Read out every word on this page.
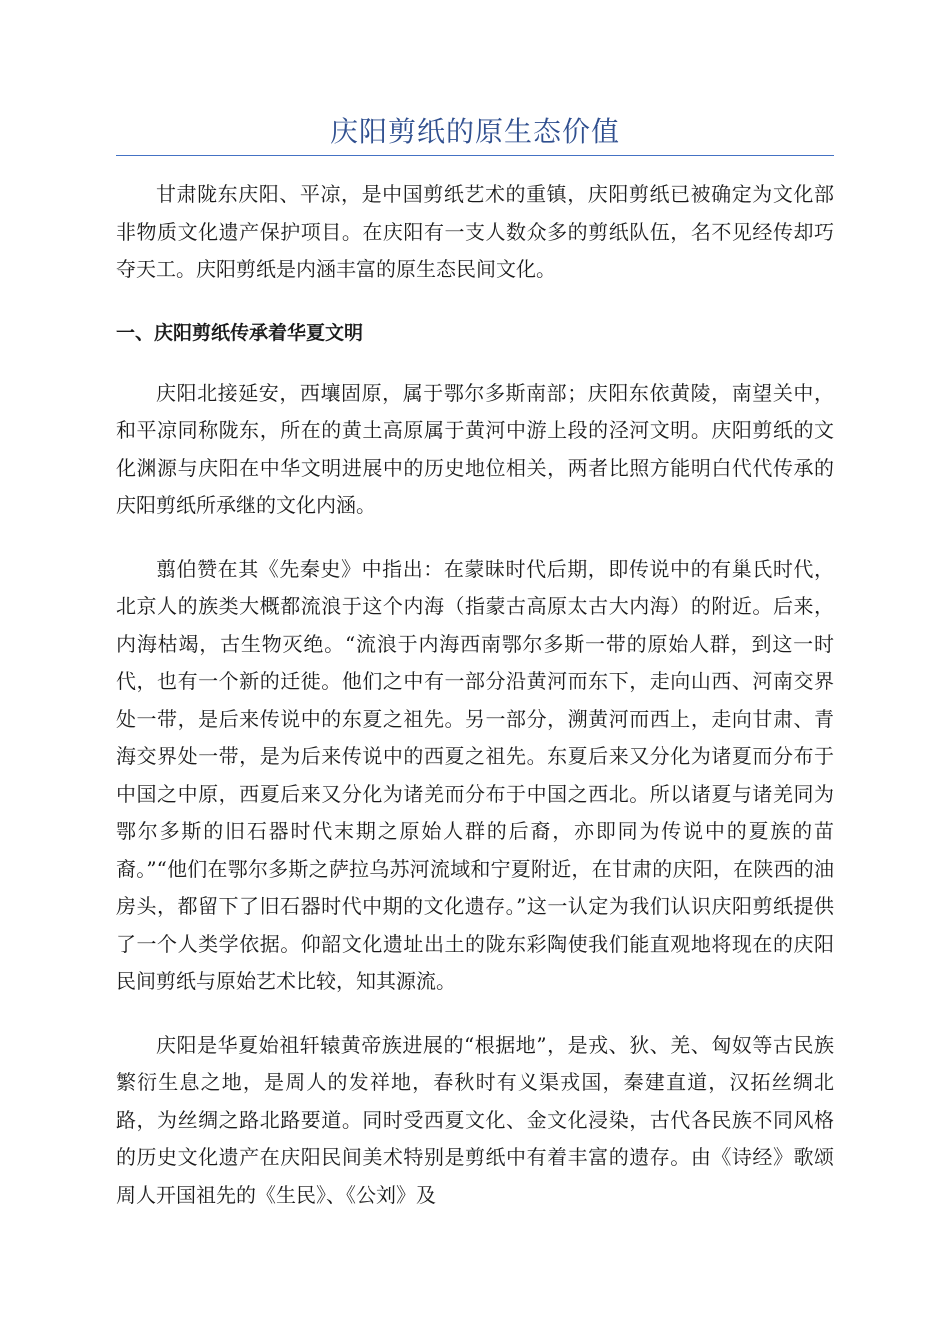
庆阳剪纸的原生态价值

甘肃陇东庆阳、平凉，是中国剪纸艺术的重镇，庆阳剪纸已被确定为文化部非物质文化遗产保护项目。在庆阳有一支人数众多的剪纸队伍，名不见经传却巧夺天工。庆阳剪纸是内涵丰富的原生态民间文化。

一、庆阳剪纸传承着华夏文明

庆阳北接延安，西壤固原，属于鄂尔多斯南部；庆阳东依黄陵，南望关中，和平凉同称陇东，所在的黄土高原属于黄河中游上段的泾河文明。庆阳剪纸的文化渊源与庆阳在中华文明进展中的历史地位相关，两者比照方能明白代代传承的庆阳剪纸所承继的文化内涵。

翦伯赞在其《先秦史》中指出：在蒙昧时代后期，即传说中的有巢氏时代，北京人的族类大概都流浪于这个内海（指蒙古高原太古大内海）的附近。后来，内海枯竭，古生物灭绝。“流浪于内海西南鄂尔多斯一带的原始人群，到这一时代，也有一个新的迁徙。他们之中有一部分沿黄河而东下，走向山西、河南交界处一带，是后来传说中的东夏之祖先。另一部分，溯黄河而西上，走向甘肃、青海交界处一带，是为后来传说中的西夏之祖先。东夏后来又分化为诸夏而分布于中国之中原，西夏后来又分化为诸羌而分布于中国之西北。所以诸夏与诸羌同为鄂尔多斯的旧石器时代末期之原始人群的后裔，亦即同为传说中的夏族的苗裔。”“他们在鄂尔多斯之萨拉乌苏河流域和宁夏附近，在甘肃的庆阳，在陕西的油房头，都留下了旧石器时代中期的文化遗存。”这一认定为我们认识庆阳剪纸提供了一个人类学依据。仰韶文化遗址出土的陇东彩陶使我们能直观地将现在的庆阳民间剪纸与原始艺术比较，知其源流。

庆阳是华夏始祖轩辕黄帝族进展的“根据地”，是戎、狄、羌、匈奴等古民族繁衍生息之地，是周人的发祥地，春秋时有义渠戎国，秦建直道，汉拓丝绸北路，为丝绸之路北路要道。同时受西夏文化、金文化浸染，古代各民族不同风格的历史文化遗产在庆阳民间美术特别是剪纸中有着丰富的遗存。由《诗经》歌颂周人开国祖先的《生民》、《公刘》及
